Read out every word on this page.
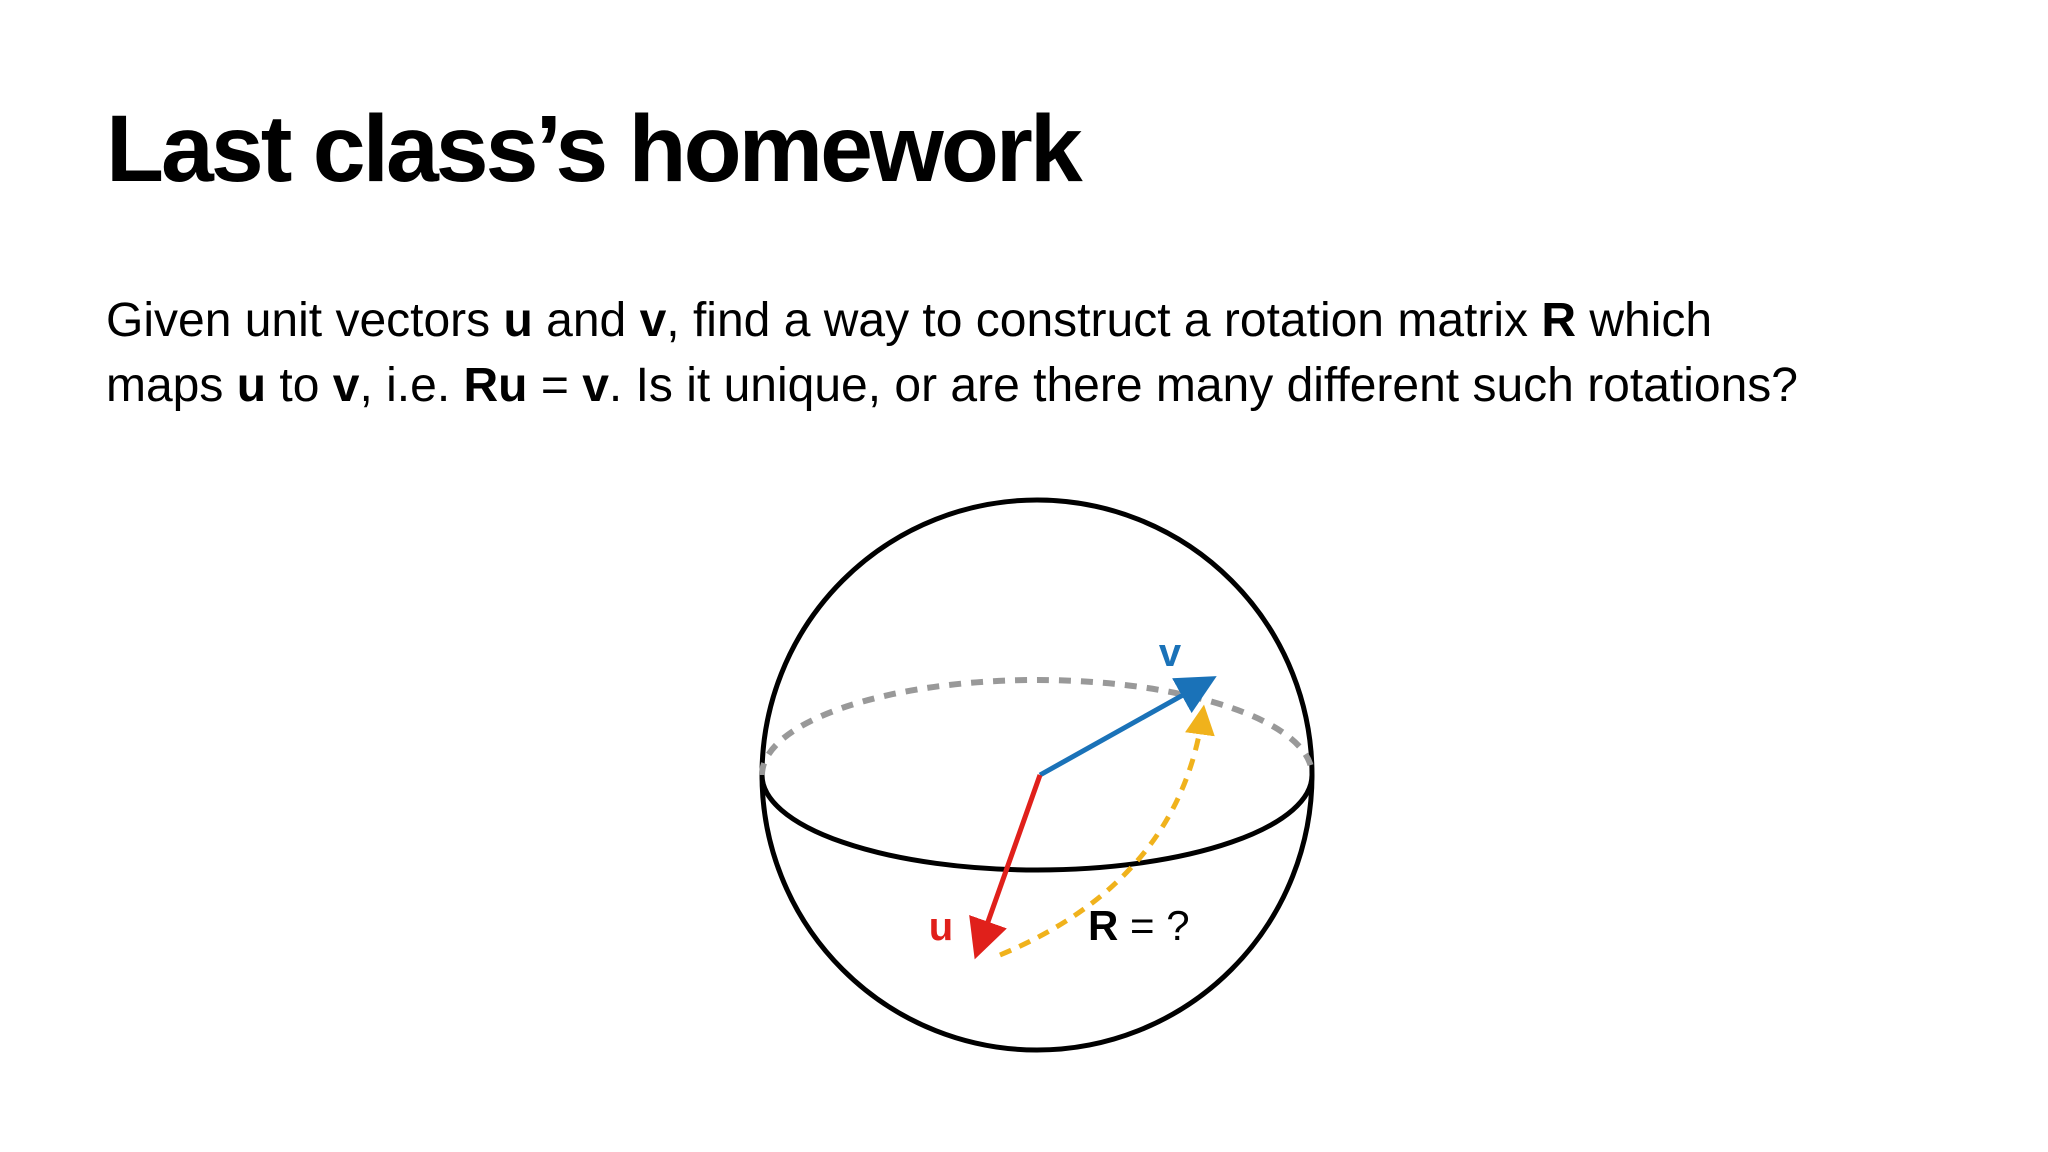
Last class’s homework

Given unit vectors u and v, find a way to construct a rotation matrix R which
maps u to v, i.e. Ru = v. Is it unique, or are there many different such rotations?

v
u	R = ?
